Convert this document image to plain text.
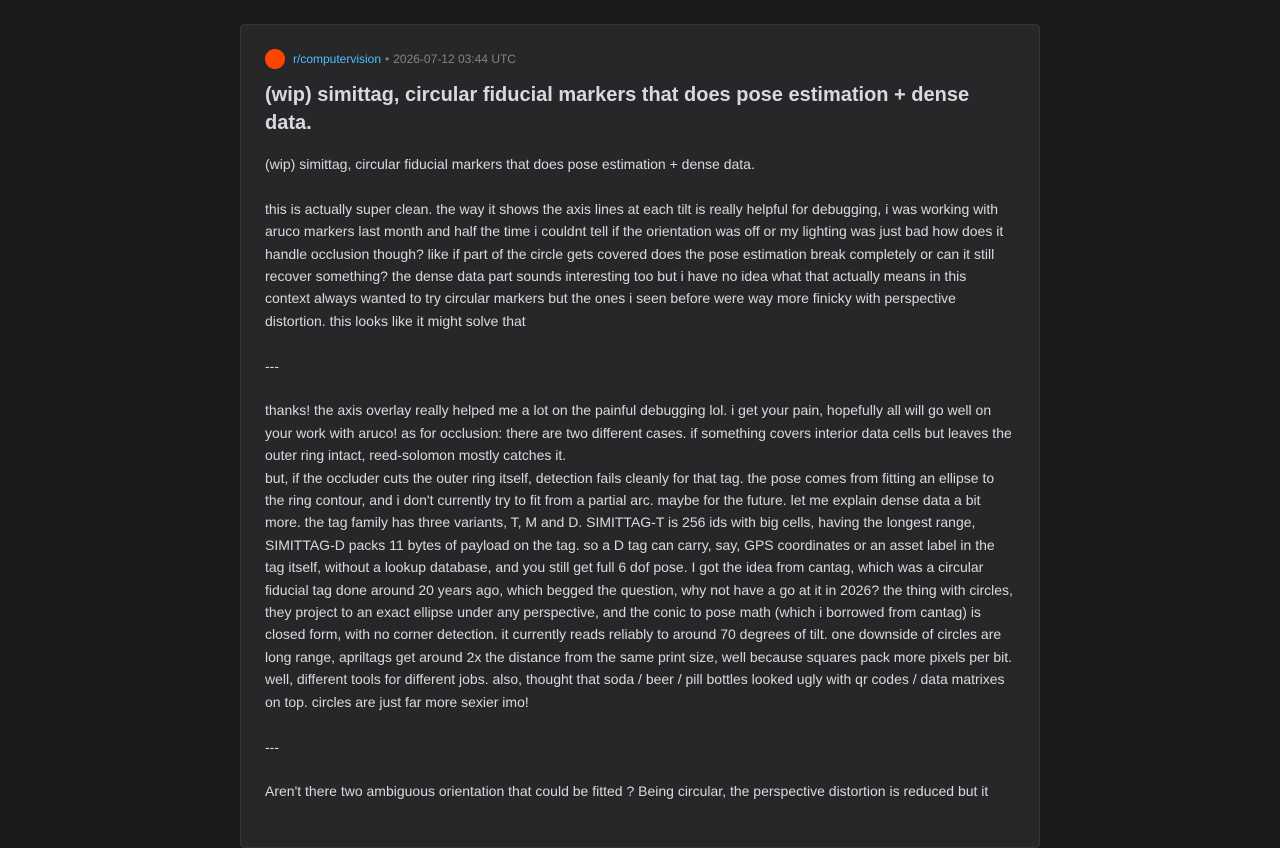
r/computervision • 2026-07-12 03:44 UTC
(wip) simittag, circular fiducial markers that does pose estimation + dense data.

(wip) simittag, circular fiducial markers that does pose estimation + dense data.

this is actually super clean. the way it shows the axis lines at each tilt is really helpful for debugging, i was working with aruco markers last month and half the time i couldnt tell if the orientation was off or my lighting was just bad how does it handle occlusion though? like if part of the circle gets covered does the pose estimation break completely or can it still recover something? the dense data part sounds interesting too but i have no idea what that actually means in this context always wanted to try circular markers but the ones i seen before were way more finicky with perspective distortion. this looks like it might solve that

---

thanks! the axis overlay really helped me a lot on the painful debugging lol. i get your pain, hopefully all will go well on your work with aruco! as for occlusion: there are two different cases. if something covers interior data cells but leaves the outer ring intact, reed-solomon mostly catches it.

but, if the occluder cuts the outer ring itself, detection fails cleanly for that tag. the pose comes from fitting an ellipse to the ring contour, and i don't currently try to fit from a partial arc. maybe for the future. let me explain dense data a bit more. the tag family has three variants, T, M and D. SIMITTAG-T is 256 ids with big cells, having the longest range, SIMITTAG-D packs 11 bytes of payload on the tag. so a D tag can carry, say, GPS coordinates or an asset label in the tag itself, without a lookup database, and you still get full 6 dof pose. I got the idea from cantag, which was a circular fiducial tag done around 20 years ago, which begged the question, why not have a go at it in 2026? the thing with circles, they project to an exact ellipse under any perspective, and the conic to pose math (which i borrowed from cantag) is closed form, with no corner detection. it currently reads reliably to around 70 degrees of tilt. one downside of circles are long range, apriltags get around 2x the distance from the same print size, well because squares pack more pixels per bit. well, different tools for different jobs. also, thought that soda / beer / pill bottles looked ugly with qr codes / data matrixes on top. circles are just far more sexier imo!

---

Aren't there two ambiguous orientation that could be fitted ? Being circular, the perspective distortion is reduced but it
